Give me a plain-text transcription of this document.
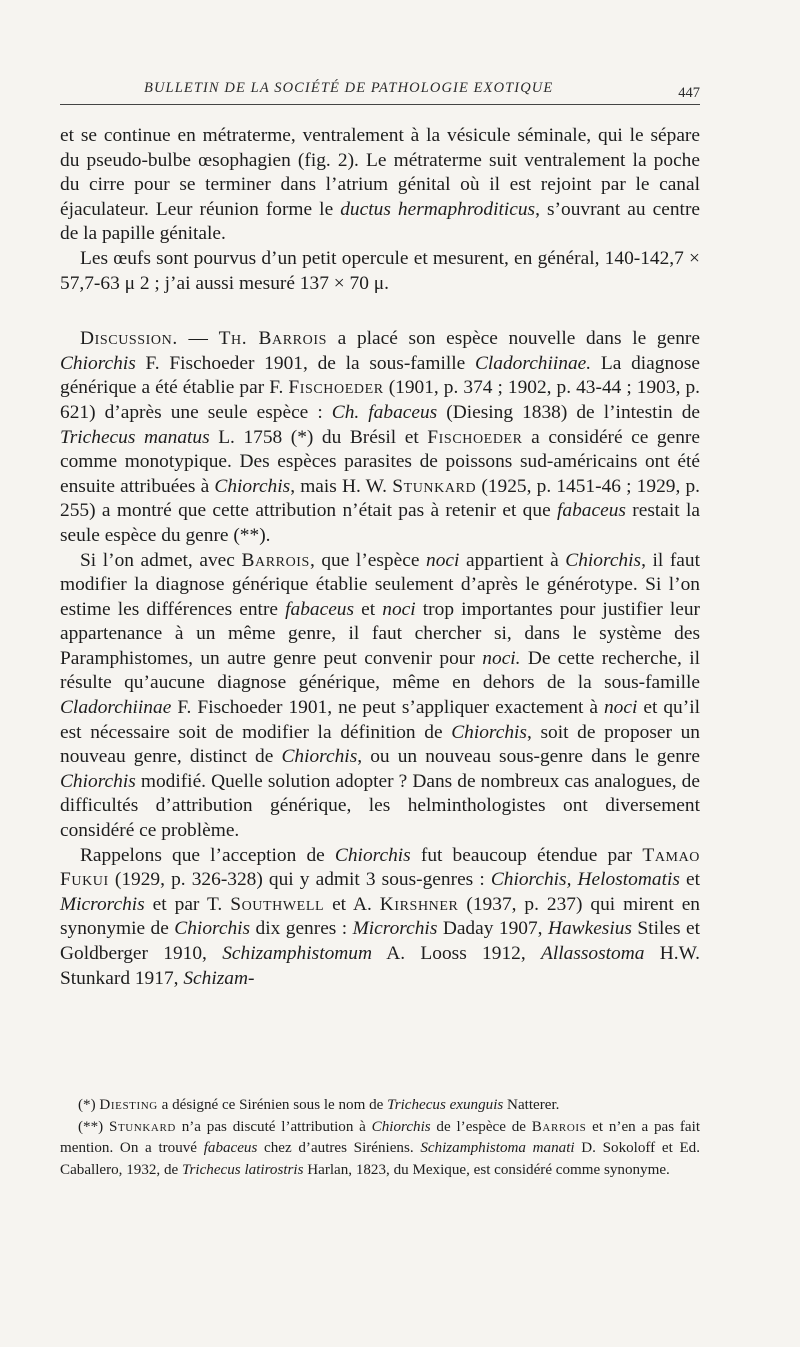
BULLETIN DE LA SOCIÉTÉ DE PATHOLOGIE EXOTIQUE	447

et se continue en métraterme, ventralement à la vésicule séminale, qui le sépare du pseudo-bulbe œsophagien (fig. 2). Le métraterme suit ventralement la poche du cirre pour se terminer dans l’atrium génital où il est rejoint par le canal éjaculateur. Leur réunion forme le ductus hermaphroditicus, s’ouvrant au centre de la papille génitale.

Les œufs sont pourvus d’un petit opercule et mesurent, en général, 140-142,7 × 57,7-63 μ 2 ; j’ai aussi mesuré 137 × 70 μ.

Discussion. — Th. Barrois a placé son espèce nouvelle dans le genre Chiorchis F. Fischoeder 1901, de la sous-famille Cladorchiinae. La diagnose générique a été établie par F. Fischoeder (1901, p. 374 ; 1902, p. 43-44 ; 1903, p. 621) d’après une seule espèce : Ch. fabaceus (Diesing 1838) de l’intestin de Trichecus manatus L. 1758 (*) du Brésil et Fischoeder a considéré ce genre comme monotypique. Des espèces parasites de poissons sud-américains ont été ensuite attribuées à Chiorchis, mais H. W. Stunkard (1925, p. 1451-46 ; 1929, p. 255) a montré que cette attribution n’était pas à retenir et que fabaceus restait la seule espèce du genre (**).

Si l’on admet, avec Barrois, que l’espèce noci appartient à Chiorchis, il faut modifier la diagnose générique établie seulement d’après le générotype. Si l’on estime les différences entre fabaceus et noci trop importantes pour justifier leur appartenance à un même genre, il faut chercher si, dans le système des Paramphistomes, un autre genre peut convenir pour noci. De cette recherche, il résulte qu’aucune diagnose générique, même en dehors de la sous-famille Cladorchiinae F. Fischoeder 1901, ne peut s’appliquer exactement à noci et qu’il est nécessaire soit de modifier la définition de Chiorchis, soit de proposer un nouveau genre, distinct de Chiorchis, ou un nouveau sous-genre dans le genre Chiorchis modifié. Quelle solution adopter ? Dans de nombreux cas analogues, de difficultés d’attribution générique, les helminthologistes ont diversement considéré ce problème.

Rappelons que l’acception de Chiorchis fut beaucoup étendue par Tamao Fukui (1929, p. 326-328) qui y admit 3 sous-genres : Chiorchis, Helostomatis et Microrchis et par T. Southwell et A. Kirshner (1937, p. 237) qui mirent en synonymie de Chiorchis dix genres : Microrchis Daday 1907, Hawkesius Stiles et Goldberger 1910, Schizamphistomum A. Looss 1912, Allassostoma H.W. Stunkard 1917, Schizam-

(*) Diesting a désigné ce Sirénien sous le nom de Trichecus exunguis Natterer.

(**) Stunkard n’a pas discuté l’attribution à Chiorchis de l’espèce de Barrois et n’en a pas fait mention. On a trouvé fabaceus chez d’autres Siréniens. Schizamphistoma manati D. Sokoloff et Ed. Caballero, 1932, de Trichecus latirostris Harlan, 1823, du Mexique, est considéré comme synonyme.
